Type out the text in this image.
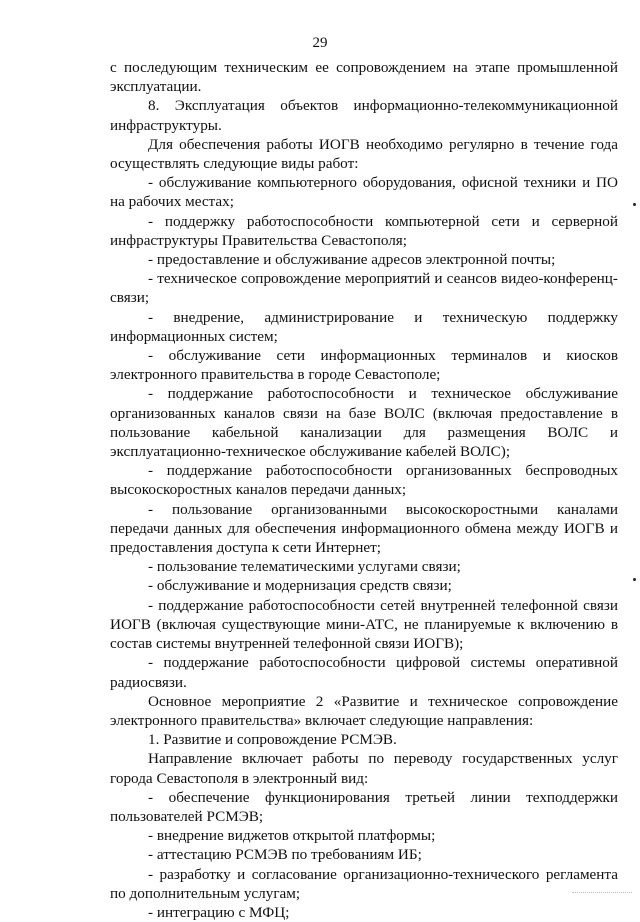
29

с последующим техническим ее сопровождением на этапе промышленной эксплуатации.

8. Эксплуатация объектов информационно-телекоммуникационной инфраструктуры.

Для обеспечения работы ИОГВ необходимо регулярно в течение года осуществлять следующие виды работ:

- обслуживание компьютерного оборудования, офисной техники и ПО на рабочих местах;

- поддержку работоспособности компьютерной сети и серверной инфраструктуры Правительства Севастополя;

- предоставление и обслуживание адресов электронной почты;

- техническое сопровождение мероприятий и сеансов видео-конференц-связи;

- внедрение, администрирование и техническую поддержку информационных систем;

- обслуживание сети информационных терминалов и киосков электронного правительства в городе Севастополе;

- поддержание работоспособности и техническое обслуживание организованных каналов связи на базе ВОЛС (включая предоставление в пользование кабельной канализации для размещения ВОЛС и эксплуатационно-техническое обслуживание кабелей ВОЛС);

- поддержание работоспособности организованных беспроводных высокоскоростных каналов передачи данных;

- пользование организованными высокоскоростными каналами передачи данных для обеспечения информационного обмена между ИОГВ и предоставления доступа к сети Интернет;

- пользование телематическими услугами связи;

- обслуживание и модернизация средств связи;

- поддержание работоспособности сетей внутренней телефонной связи ИОГВ (включая существующие мини-АТС, не планируемые к включению в состав системы внутренней телефонной связи ИОГВ);

- поддержание работоспособности цифровой системы оперативной радиосвязи.

Основное мероприятие 2 «Развитие и техническое сопровождение электронного правительства» включает следующие направления:

1. Развитие и сопровождение РСМЭВ.

Направление включает работы по переводу государственных услуг города Севастополя в электронный вид:

- обеспечение функционирования третьей линии техподдержки пользователей РСМЭВ;

- внедрение виджетов открытой платформы;

- аттестацию РСМЭВ по требованиям ИБ;

- разработку и согласование организационно-технического регламента по дополнительным услугам;

- интеграцию с МФЦ;
